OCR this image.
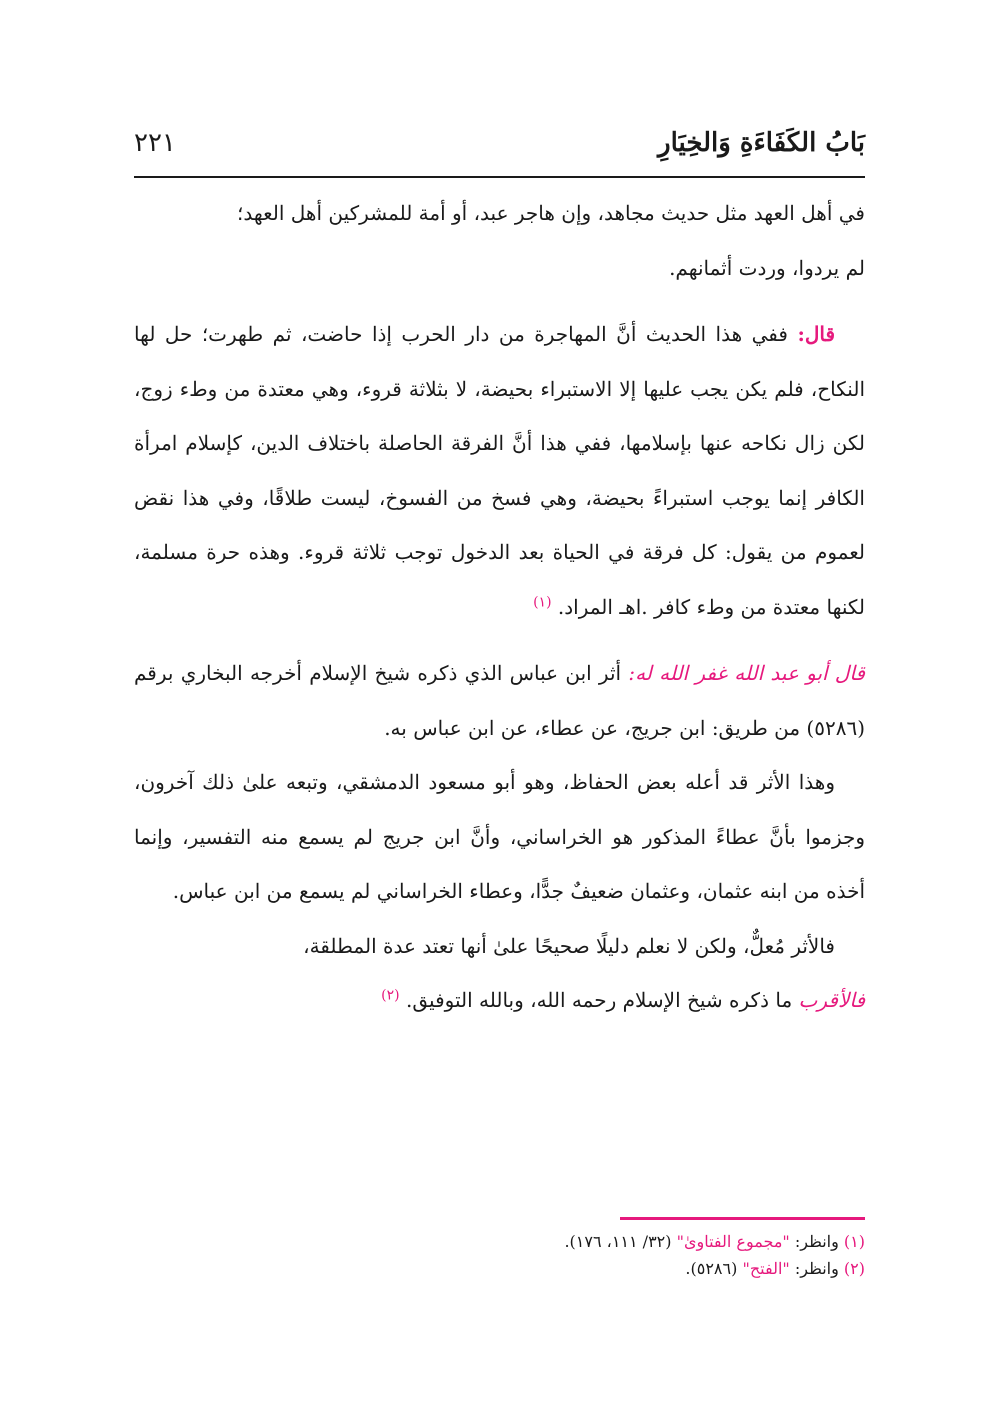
بَابُ الكَفَاءَةِ وَالخِيَارِ
٢٢١

في أهل العهد مثل حديث مجاهد، وإن هاجر عبد، أو أمة للمشركين أهل العهد؛

لم يردوا، وردت أثمانهم.

قال: ففي هذا الحديث أنَّ المهاجرة من دار الحرب إذا حاضت، ثم طهرت؛ حل لها النكاح، فلم يكن يجب عليها إلا الاستبراء بحيضة، لا بثلاثة قروء، وهي معتدة من وطء زوج، لكن زال نكاحه عنها بإسلامها، ففي هذا أنَّ الفرقة الحاصلة باختلاف الدين، كإسلام امرأة الكافر إنما يوجب استبراءً بحيضة، وهي فسخ من الفسوخ، ليست طلاقًا، وفي هذا نقض لعموم من يقول: كل فرقة في الحياة بعد الدخول توجب ثلاثة قروء. وهذه حرة مسلمة، لكنها معتدة من وطء كافر .اهـ المراد. $^{(١)}$

قال أبو عبد الله غفر الله له: أثر ابن عباس الذي ذكره شيخ الإسلام أخرجه البخاري برقم (٥٢٨٦) من طريق: ابن جريج، عن عطاء، عن ابن عباس به.

وهذا الأثر قد أعله بعض الحفاظ، وهو أبو مسعود الدمشقي، وتبعه علىٰ ذلك آخرون، وجزموا بأنَّ عطاءً المذكور هو الخراساني، وأنَّ ابن جريج لم يسمع منه التفسير، وإنما أخذه من ابنه عثمان، وعثمان ضعيفٌ جدًّا، وعطاء الخراساني لم يسمع من ابن عباس.

فالأثر مُعلٌّ، ولكن لا نعلم دليلًا صحيحًا علىٰ أنها تعتد عدة المطلقة،

فالأقرب ما ذكره شيخ الإسلام رحمه الله، وبالله التوفيق. $^{(٢)}$

(١) وانظر: "مجموع الفتاوىٰ" (٣٢/ ١١١، ١٧٦).

(٢) وانظر: "الفتح" (٥٢٨٦).
